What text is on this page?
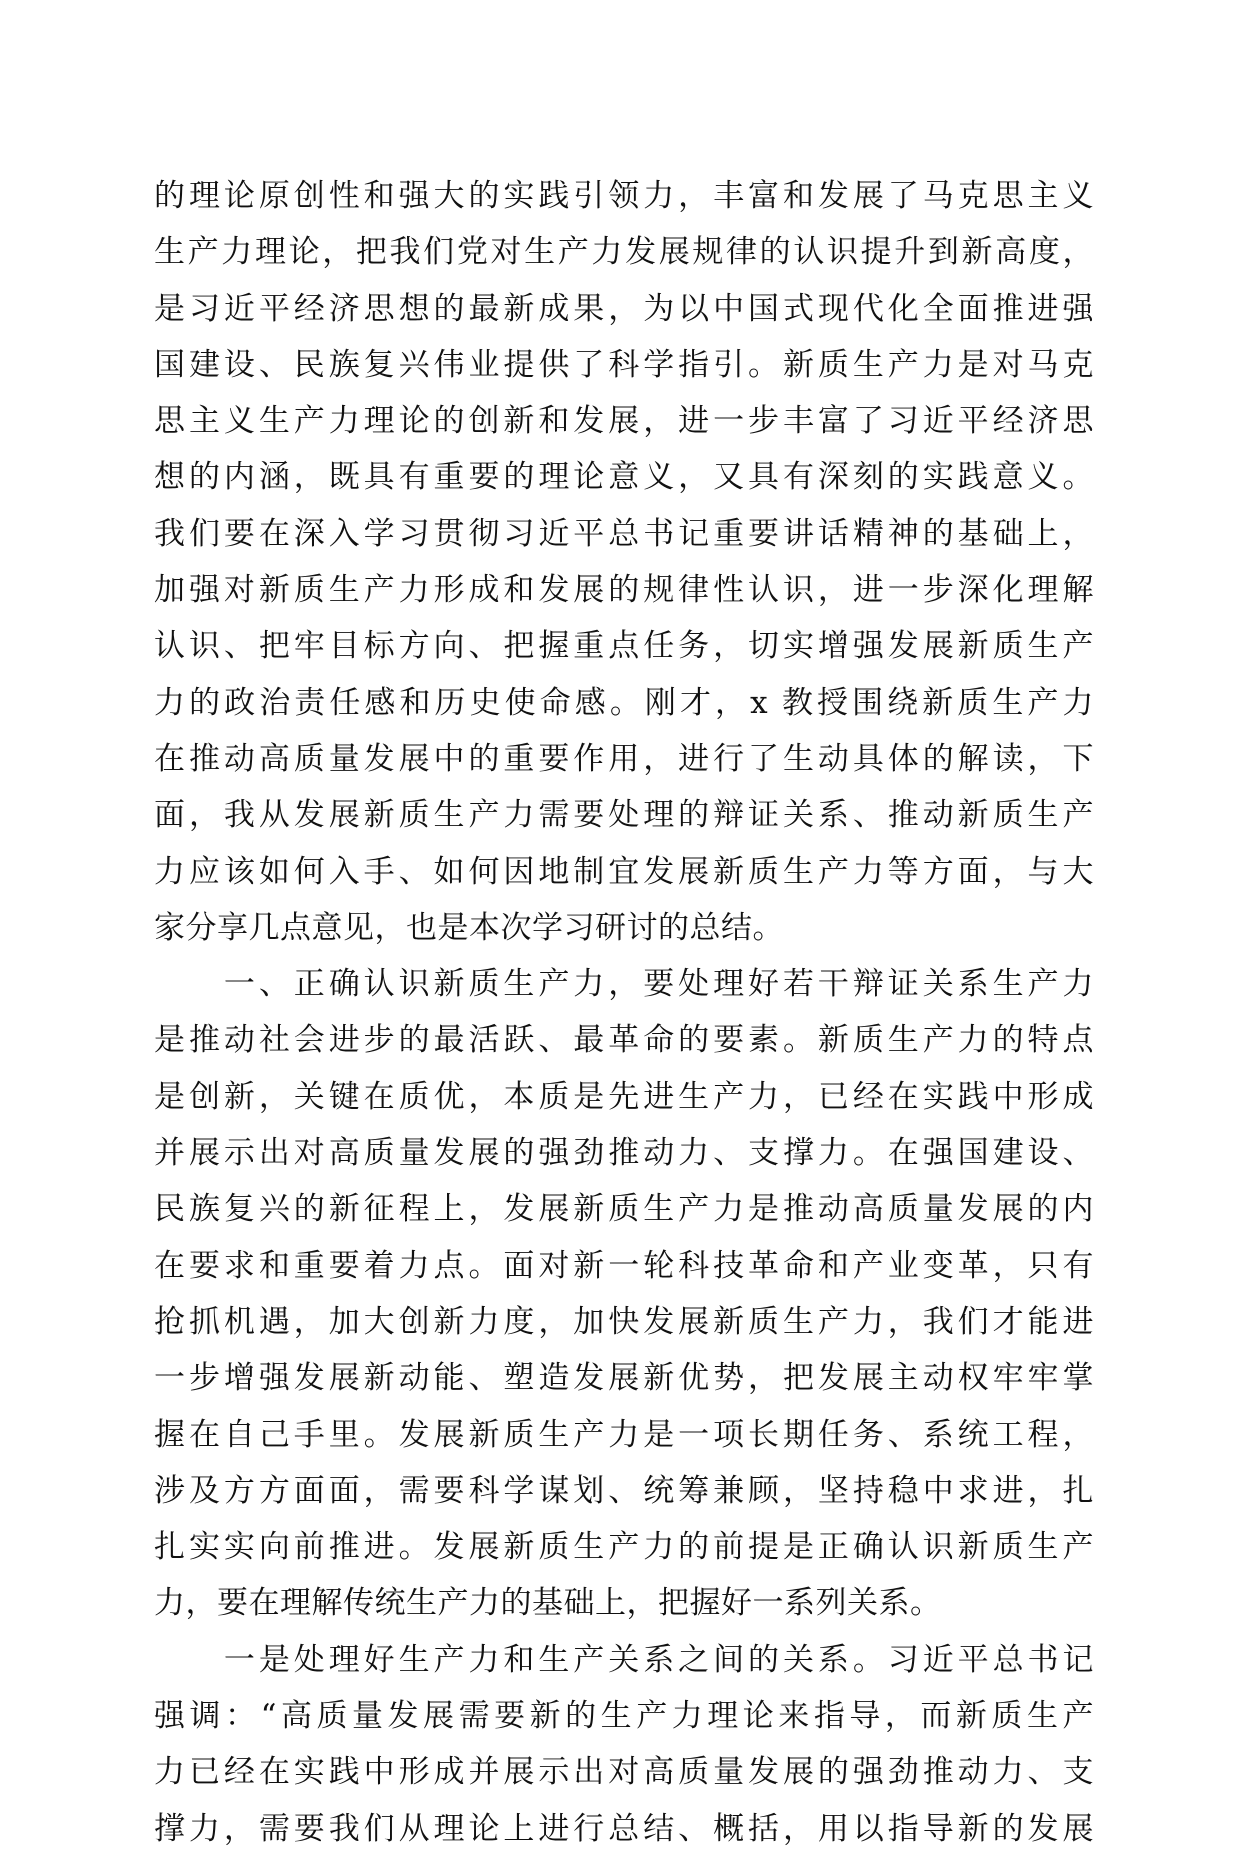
的理论原创性和强大的实践引领力，丰富和发展了马克思主义
生产力理论，把我们党对生产力发展规律的认识提升到新高度，
是习近平经济思想的最新成果，为以中国式现代化全面推进强
国建设、民族复兴伟业提供了科学指引。新质生产力是对马克
思主义生产力理论的创新和发展，进一步丰富了习近平经济思
想的内涵，既具有重要的理论意义，又具有深刻的实践意义。
我们要在深入学习贯彻习近平总书记重要讲话精神的基础上，
加强对新质生产力形成和发展的规律性认识，进一步深化理解
认识、把牢目标方向、把握重点任务，切实增强发展新质生产
力的政治责任感和历史使命感。刚才，x 教授围绕新质生产力
在推动高质量发展中的重要作用，进行了生动具体的解读，下
面，我从发展新质生产力需要处理的辩证关系、推动新质生产
力应该如何入手、如何因地制宜发展新质生产力等方面，与大
家分享几点意见，也是本次学习研讨的总结。
　　一、正确认识新质生产力，要处理好若干辩证关系生产力
是推动社会进步的最活跃、最革命的要素。新质生产力的特点
是创新，关键在质优，本质是先进生产力，已经在实践中形成
并展示出对高质量发展的强劲推动力、支撑力。在强国建设、
民族复兴的新征程上，发展新质生产力是推动高质量发展的内
在要求和重要着力点。面对新一轮科技革命和产业变革，只有
抢抓机遇，加大创新力度，加快发展新质生产力，我们才能进
一步增强发展新动能、塑造发展新优势，把发展主动权牢牢掌
握在自己手里。发展新质生产力是一项长期任务、系统工程，
涉及方方面面，需要科学谋划、统筹兼顾，坚持稳中求进，扎
扎实实向前推进。发展新质生产力的前提是正确认识新质生产
力，要在理解传统生产力的基础上，把握好一系列关系。
　　一是处理好生产力和生产关系之间的关系。习近平总书记
强调：“高质量发展需要新的生产力理论来指导，而新质生产
力已经在实践中形成并展示出对高质量发展的强劲推动力、支
撑力，需要我们从理论上进行总结、概括，用以指导新的发展
